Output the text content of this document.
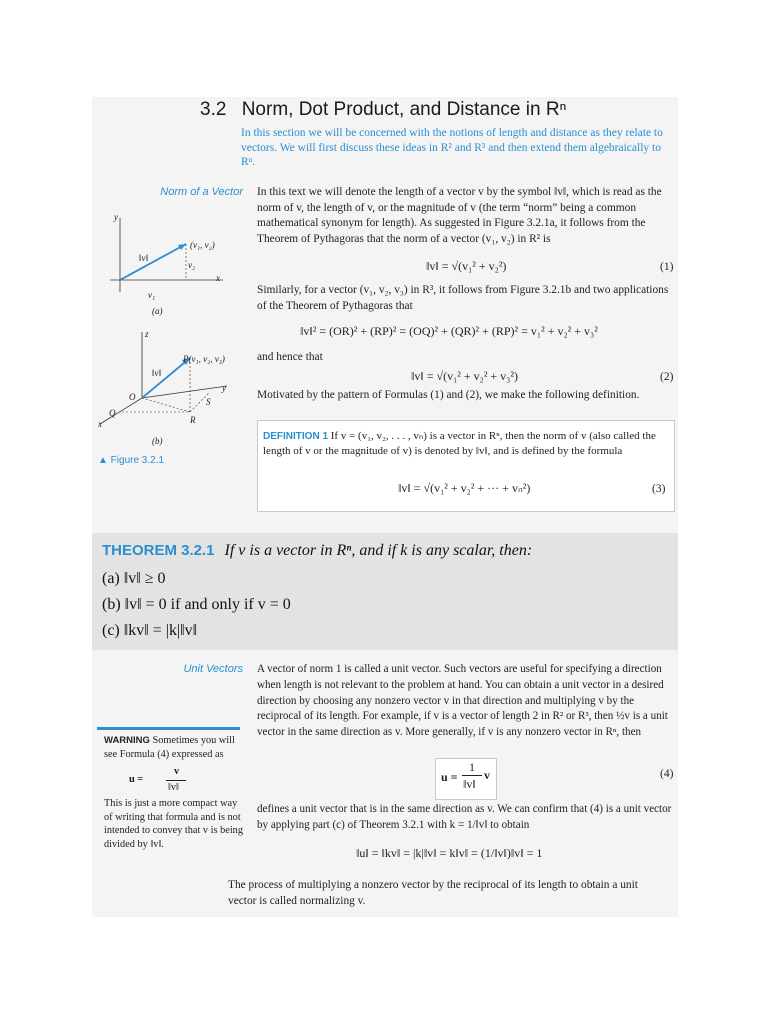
3.2 Norm, Dot Product, and Distance in Rⁿ
In this section we will be concerned with the notions of length and distance as they relate to vectors. We will first discuss these ideas in R² and R³ and then extend them algebraically to Rⁿ.
Norm of a Vector In this text we will denote the length of a vector v by the symbol ‖v‖, which is read as the norm of v, the length of v, or the magnitude of v (the term “norm” being a common mathematical synonym for length). As suggested in Figure 3.2.1a, it follows from the Theorem of Pythagoras that the norm of a vector (v₁, v₂) in R² is
‖v‖ = √(v₁² + v₂²)	(1)
Similarly, for a vector (v₁, v₂, v₃) in R³, it follows from Figure 3.2.1b and two applications of the Theorem of Pythagoras that
‖v‖² = (OR)² + (RP)² = (OQ)² + (QR)² + (RP)² = v₁² + v₂² + v₃²
and hence that
‖v‖ = √(v₁² + v₂² + v₃²)	(2)
Motivated by the pattern of Formulas (1) and (2), we make the following definition.
y
x
(v₁, v₂)
‖v‖
v₂
v₁
(a)
z
P(v₁, v₂, v₃)
‖v‖
y
O	S
Q
R
x
(b)
▲ Figure 3.2.1
DEFINITION 1 If v = (v₁, v₂, . . . , vₙ) is a vector in Rⁿ, then the norm of v (also called the length of v or the magnitude of v) is denoted by ‖v‖, and is defined by the formula
‖v‖ = √(v₁² + v₂² + ··· + vₙ²)	(3)
THEOREM 3.2.1 If v is a vector in Rⁿ, and if k is any scalar, then:
(a) ‖v‖ ≥ 0
(b) ‖v‖ = 0 if and only if v = 0
(c) ‖kv‖ = |k|‖v‖
Unit Vectors A vector of norm 1 is called a unit vector. Such vectors are useful for specifying a direction when length is not relevant to the problem at hand. You can obtain a unit vector in a desired direction by choosing any nonzero vector v in that direction and multiplying v by the reciprocal of its length. For example, if v is a vector of length 2 in R² or R³, then ½v is a unit vector in the same direction as v. More generally, if v is any nonzero vector in Rⁿ, then
u =
1
‖v‖
v	(4)
defines a unit vector that is in the same direction as v. We can confirm that (4) is a unit vector by applying part (c) of Theorem 3.2.1 with k = 1/‖v‖ to obtain
‖u‖ = ‖kv‖ = |k|‖v‖ = k‖v‖ = (1/‖v‖)‖v‖ = 1
The process of multiplying a nonzero vector by the reciprocal of its length to obtain a unit vector is called normalizing v.
WARNING Sometimes you will see Formula (4) expressed as
u =
v
‖v‖
This is just a more compact way of writing that formula and is not intended to convey that v is being divided by ‖v‖.
